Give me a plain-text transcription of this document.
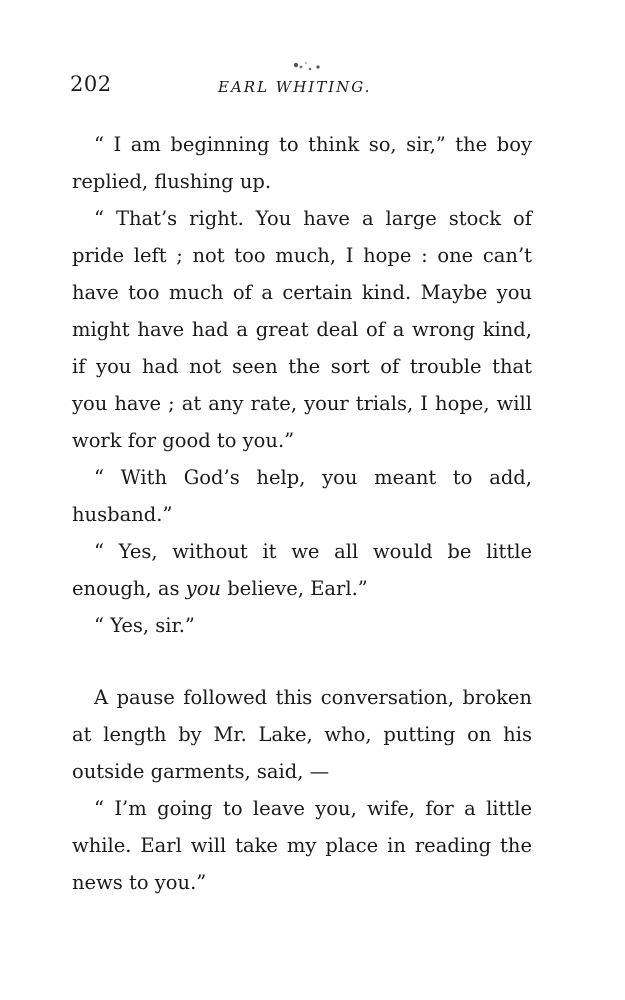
202	EARL WHITING.

“ I am beginning to think so, sir,” the boy replied, flushing up.

“ That’s right. You have a large stock of pride left ; not too much, I hope : one can’t have too much of a certain kind. Maybe you might have had a great deal of a wrong kind, if you had not seen the sort of trouble that you have ; at any rate, your trials, I hope, will work for good to you.”

“ With God’s help, you meant to add, husband.”

“ Yes, without it we all would be little enough, as you believe, Earl.”

“ Yes, sir.”

A pause followed this conversation, broken at length by Mr. Lake, who, putting on his outside garments, said, —

“ I’m going to leave you, wife, for a little while. Earl will take my place in reading the news to you.”
